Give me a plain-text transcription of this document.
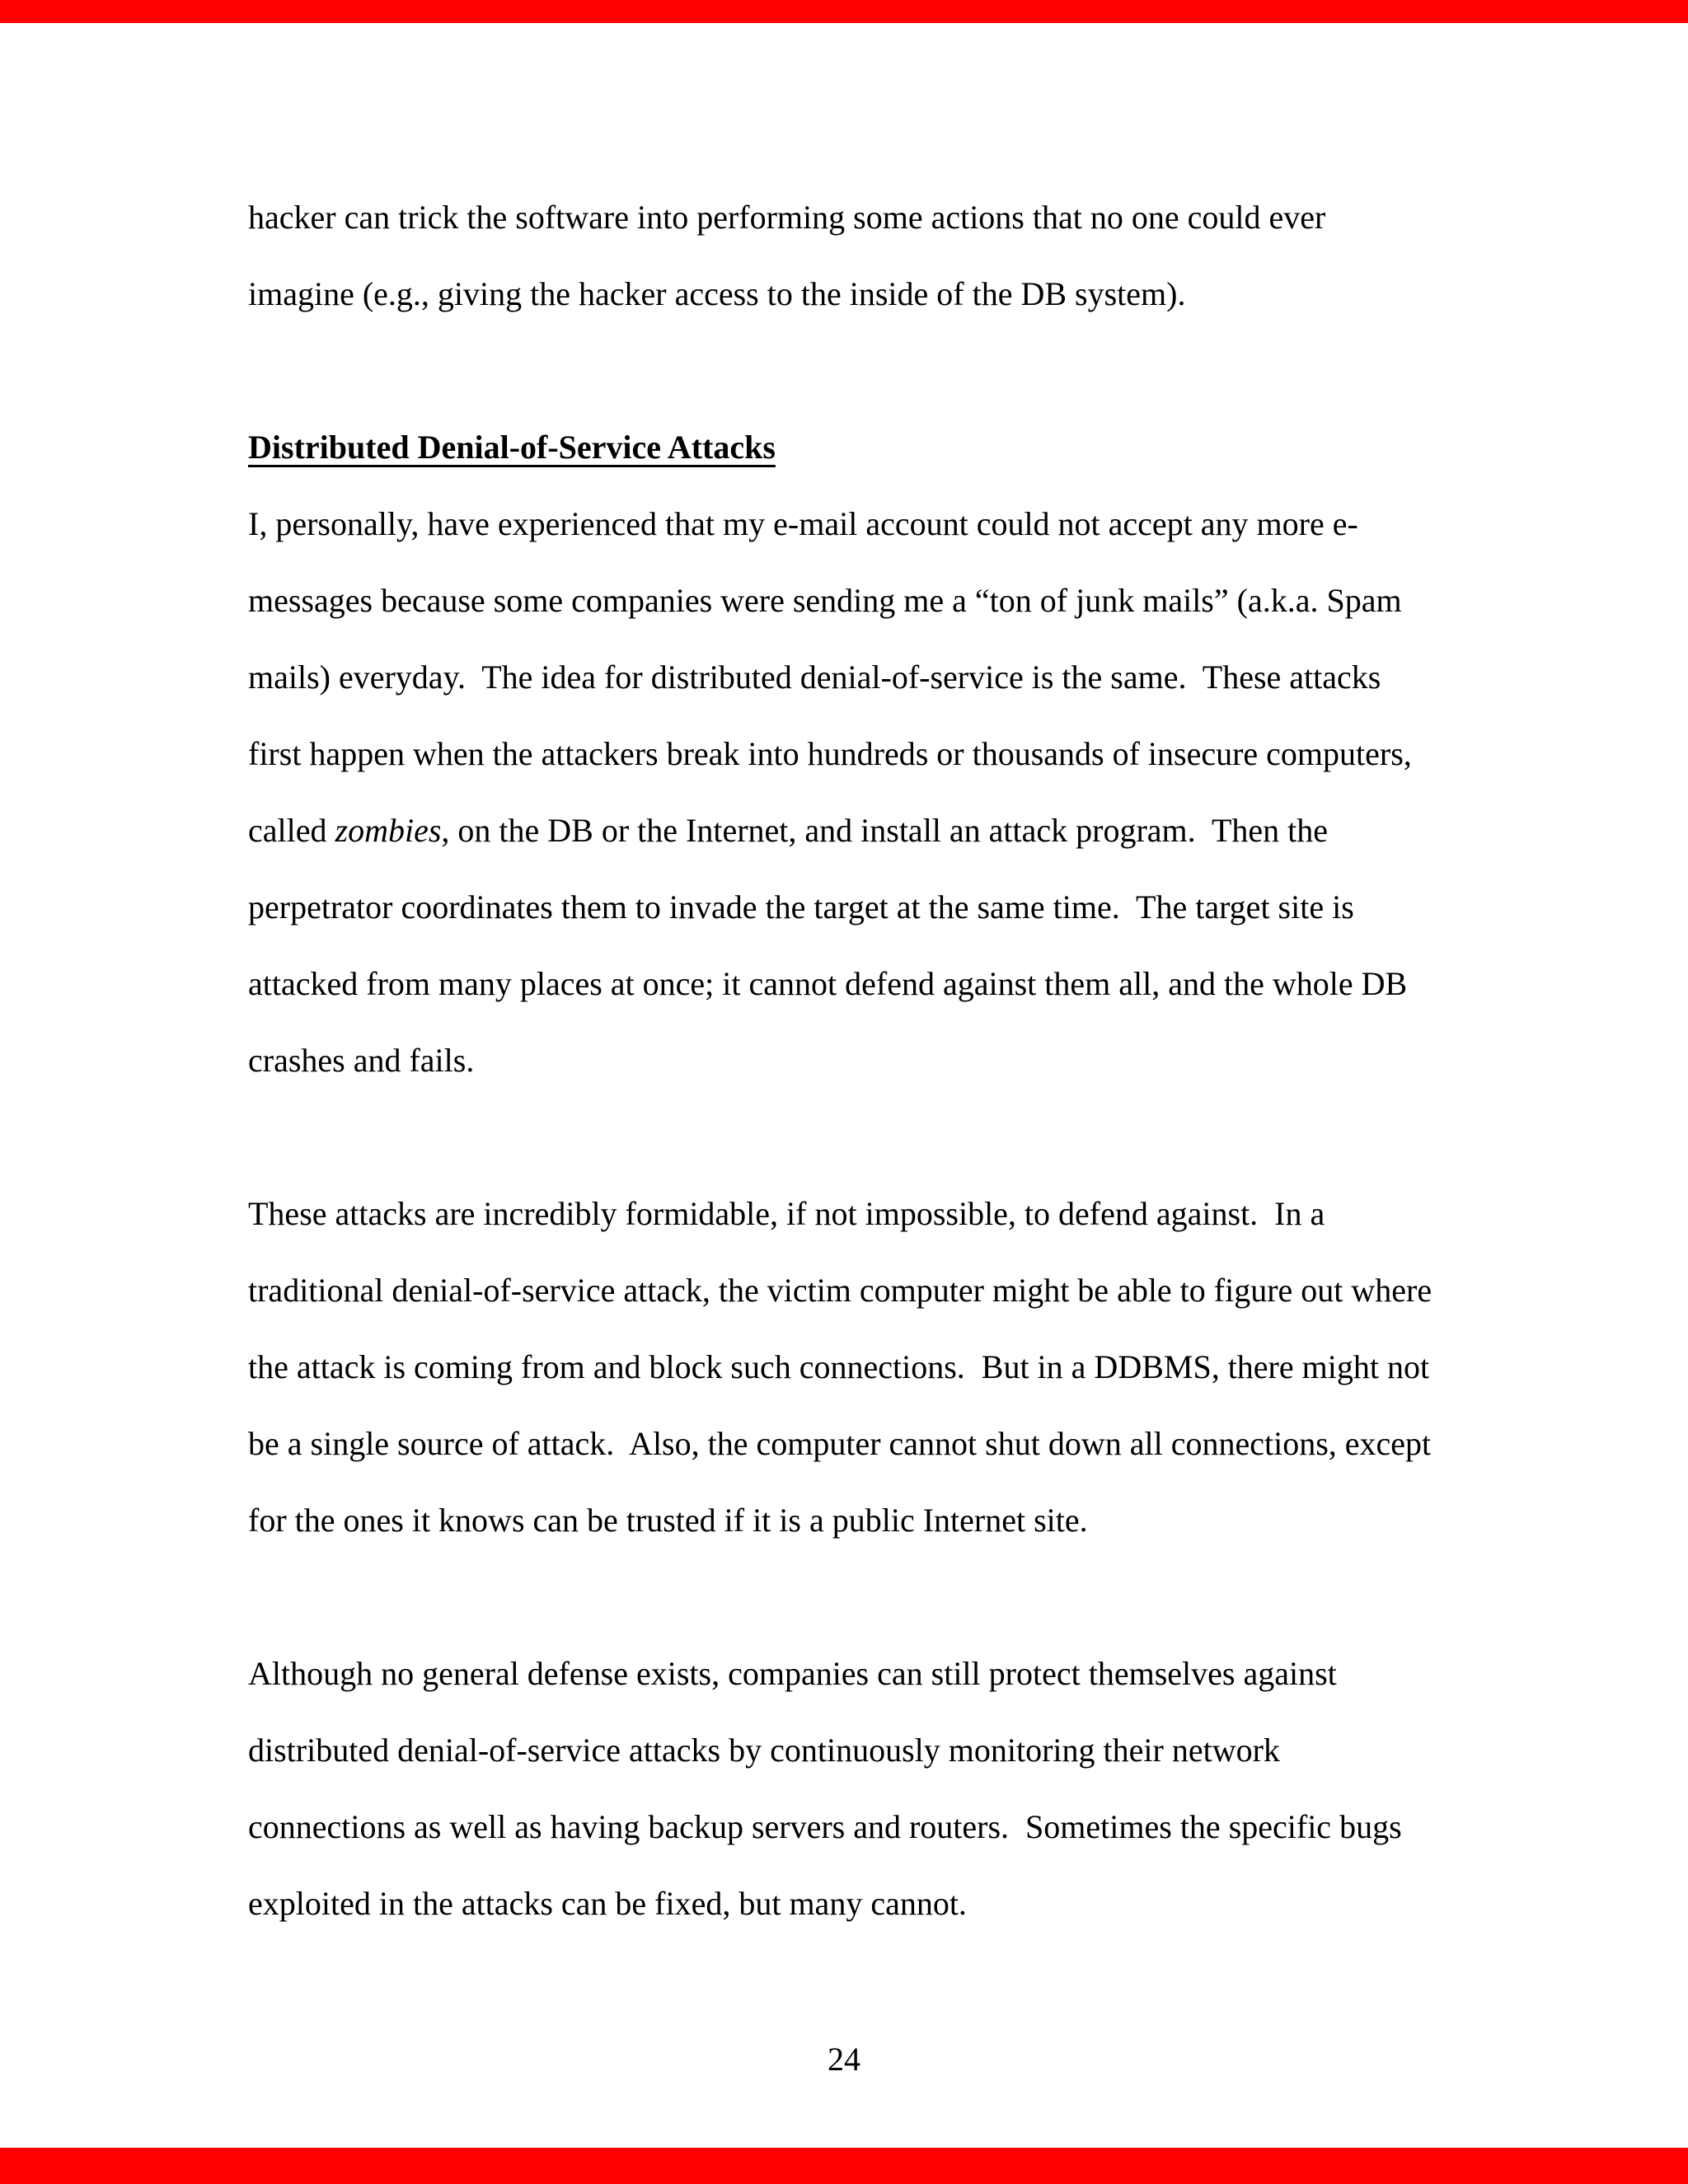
hacker can trick the software into performing some actions that no one could ever
imagine (e.g., giving the hacker access to the inside of the DB system).
Distributed Denial-of-Service Attacks
I, personally, have experienced that my e-mail account could not accept any more e-
messages because some companies were sending me a “ton of junk mails” (a.k.a. Spam
mails) everyday.  The idea for distributed denial-of-service is the same.  These attacks
first happen when the attackers break into hundreds or thousands of insecure computers,
called zombies, on the DB or the Internet, and install an attack program.  Then the
perpetrator coordinates them to invade the target at the same time.  The target site is
attacked from many places at once; it cannot defend against them all, and the whole DB
crashes and fails.
These attacks are incredibly formidable, if not impossible, to defend against.  In a
traditional denial-of-service attack, the victim computer might be able to figure out where
the attack is coming from and block such connections.  But in a DDBMS, there might not
be a single source of attack.  Also, the computer cannot shut down all connections, except
for the ones it knows can be trusted if it is a public Internet site.
Although no general defense exists, companies can still protect themselves against
distributed denial-of-service attacks by continuously monitoring their network
connections as well as having backup servers and routers.  Sometimes the specific bugs
exploited in the attacks can be fixed, but many cannot.
24
